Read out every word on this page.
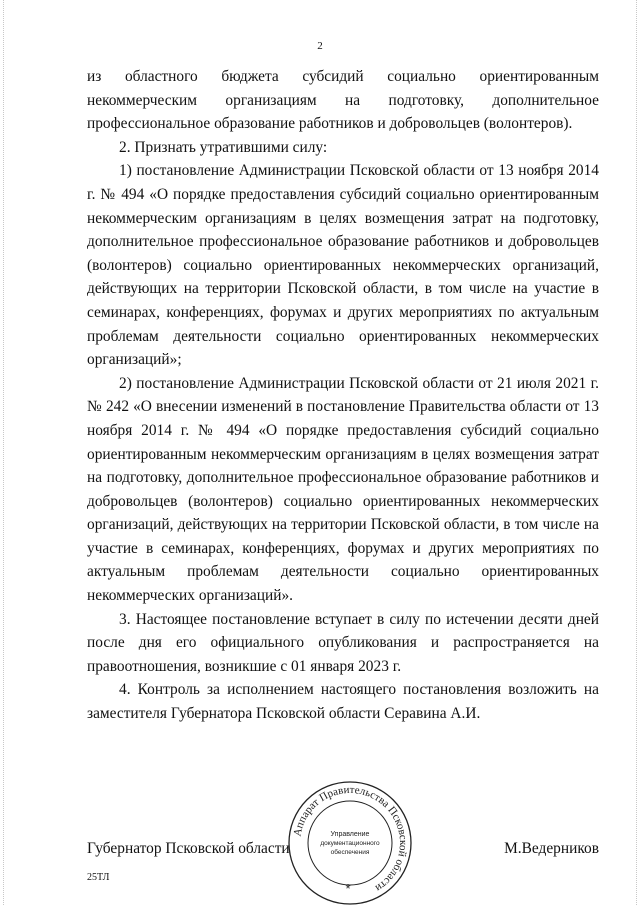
2

из областного бюджета субсидий социально ориентированным некоммерческим организациям на подготовку, дополнительное профессиональное образование работников и добровольцев (волонтеров).

2. Признать утратившими силу:

1) постановление Администрации Псковской области от 13 ноября 2014 г. № 494 «О порядке предоставления субсидий социально ориентированным некоммерческим организациям в целях возмещения затрат на подготовку, дополнительное профессиональное образование работников и добровольцев (волонтеров) социально ориентированных некоммерческих организаций, действующих на территории Псковской области, в том числе на участие в семинарах, конференциях, форумах и других мероприятиях по актуальным проблемам деятельности социально ориентированных некоммерческих организаций»;

2) постановление Администрации Псковской области от 21 июля 2021 г. № 242 «О внесении изменений в постановление Правительства области от 13 ноября 2014 г. № 494 «О порядке предоставления субсидий социально ориентированным некоммерческим организациям в целях возмещения затрат на подготовку, дополнительное профессиональное образование работников и добровольцев (волонтеров) социально ориентированных некоммерческих организаций, действующих на территории Псковской области, в том числе на участие в семинарах, конференциях, форумах и других мероприятиях по актуальным проблемам деятельности социально ориентированных некоммерческих организаций».

3. Настоящее постановление вступает в силу по истечении десяти дней после дня его официального опубликования и распространяется на правоотношения, возникшие с 01 января 2023 г.

4. Контроль за исполнением настоящего постановления возложить на заместителя Губернатора Псковской области Серавина А.И.

Губернатор Псковской области	М.Ведерников
25ТЛ
Аппарат Правительства Псковской области
Управление
документационного
обеспечения
*
